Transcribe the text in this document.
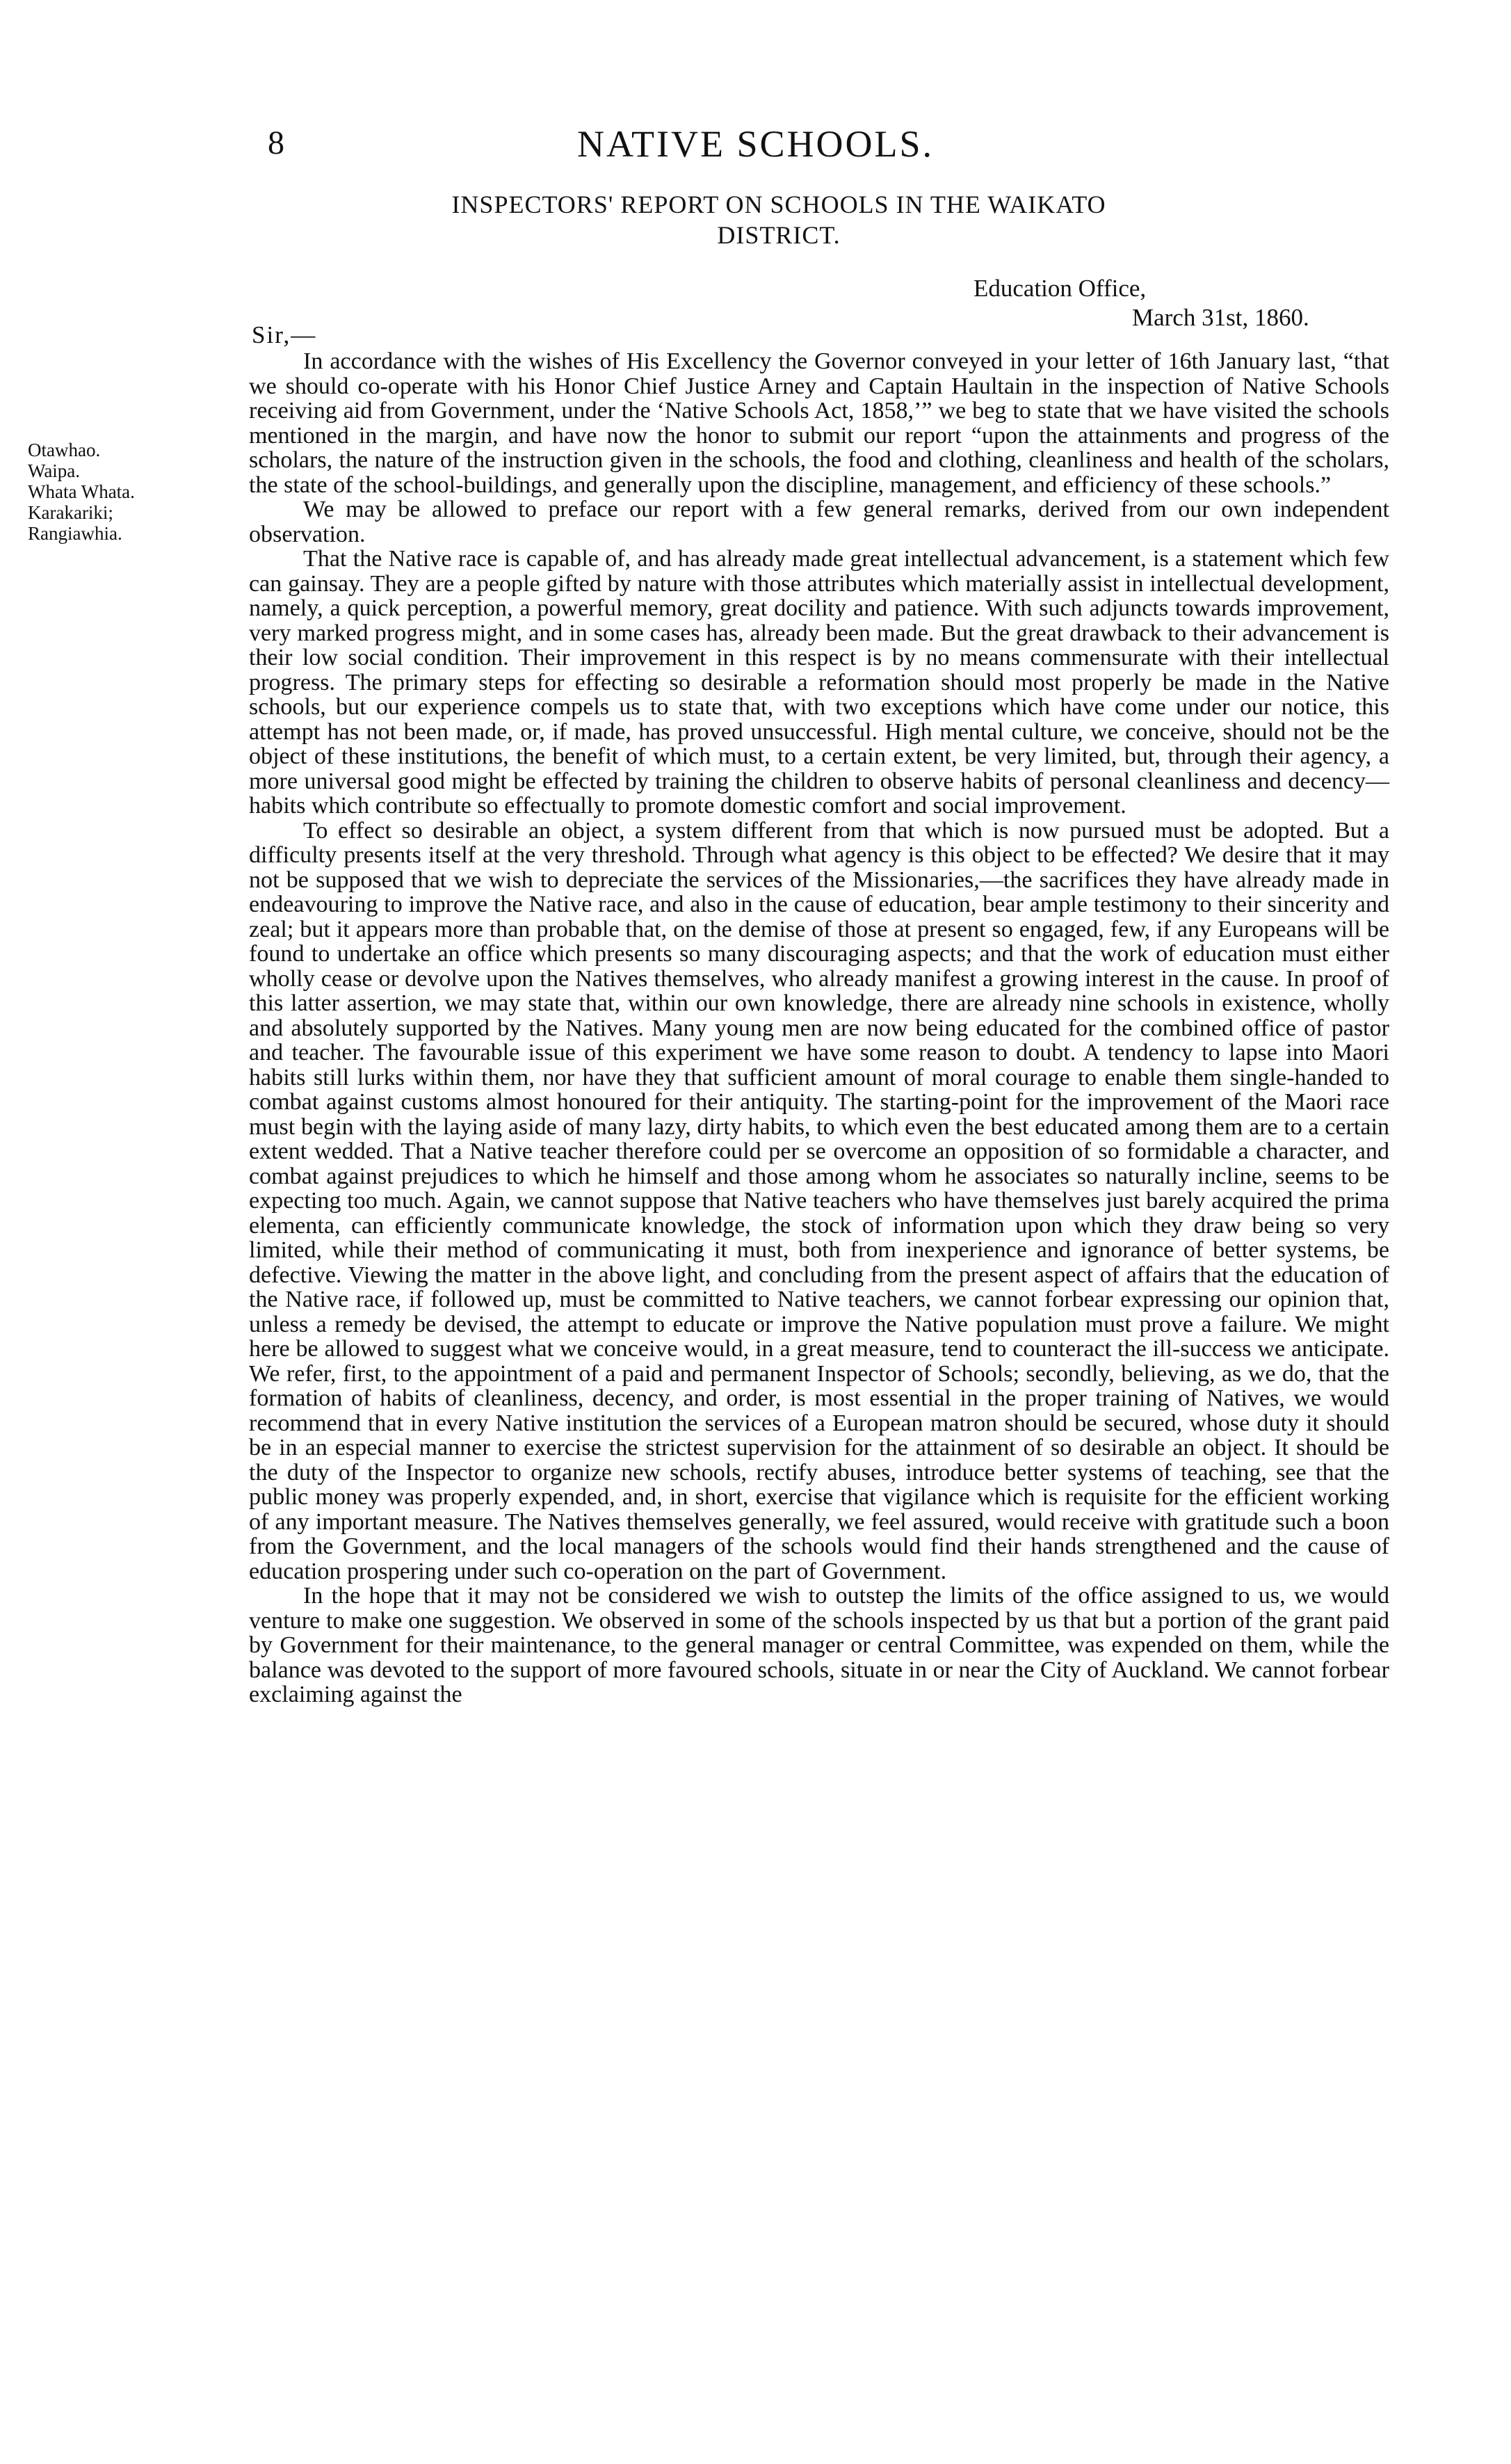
8	NATIVE SCHOOLS.
INSPECTORS' REPORT ON SCHOOLS IN THE WAIKATO
DISTRICT.
Education Office,
March 31st, 1860.
Sir,—
Otawhao.
Waipa.
Whata Whata.
Karakariki;
Rangiawhia.

In accordance with the wishes of His Excellency the Governor conveyed in your letter of 16th January last, “that we should co-operate with his Honor Chief Justice Arney and Captain Haultain in the inspection of Native Schools receiving aid from Government, under the ‘Native Schools Act, 1858,’” we beg to state that we have visited the schools mentioned in the margin, and have now the honor to submit our report “upon the attainments and progress of the scholars, the nature of the instruction given in the schools, the food and clothing, cleanliness and health of the scholars, the state of the school-buildings, and generally upon the discipline, management, and efficiency of these schools.”

We may be allowed to preface our report with a few general remarks, derived from our own independent observation.

That the Native race is capable of, and has already made great intellectual advancement, is a statement which few can gainsay. They are a people gifted by nature with those attributes which materially assist in intellectual development, namely, a quick perception, a powerful memory, great docility and patience. With such adjuncts towards improvement, very marked progress might, and in some cases has, already been made. But the great drawback to their advancement is their low social condition. Their improvement in this respect is by no means commensurate with their intellectual progress. The primary steps for effecting so desirable a reformation should most properly be made in the Native schools, but our experience compels us to state that, with two exceptions which have come under our notice, this attempt has not been made, or, if made, has proved unsuccessful. High mental culture, we conceive, should not be the object of these institutions, the benefit of which must, to a certain extent, be very limited, but, through their agency, a more universal good might be effected by training the children to observe habits of personal cleanliness and decency—habits which contribute so effectually to promote domestic comfort and social improvement.

To effect so desirable an object, a system different from that which is now pursued must be adopted. But a difficulty presents itself at the very threshold. Through what agency is this object to be effected? We desire that it may not be supposed that we wish to depreciate the services of the Missionaries,—the sacrifices they have already made in endeavouring to improve the Native race, and also in the cause of education, bear ample testimony to their sincerity and zeal; but it appears more than probable that, on the demise of those at present so engaged, few, if any Europeans will be found to undertake an office which presents so many discouraging aspects; and that the work of education must either wholly cease or devolve upon the Natives themselves, who already manifest a growing interest in the cause. In proof of this latter assertion, we may state that, within our own knowledge, there are already nine schools in existence, wholly and absolutely supported by the Natives. Many young men are now being educated for the combined office of pastor and teacher. The favourable issue of this experiment we have some reason to doubt. A tendency to lapse into Maori habits still lurks within them, nor have they that sufficient amount of moral courage to enable them single-handed to combat against customs almost honoured for their antiquity. The starting-point for the improvement of the Maori race must begin with the laying aside of many lazy, dirty habits, to which even the best educated among them are to a certain extent wedded. That a Native teacher therefore could per se overcome an opposition of so formidable a character, and combat against prejudices to which he himself and those among whom he associates so naturally incline, seems to be expecting too much. Again, we cannot suppose that Native teachers who have themselves just barely acquired the prima elementa, can efficiently communicate knowledge, the stock of information upon which they draw being so very limited, while their method of communicating it must, both from inexperience and ignorance of better systems, be defective. Viewing the matter in the above light, and concluding from the present aspect of affairs that the education of the Native race, if followed up, must be committed to Native teachers, we cannot forbear expressing our opinion that, unless a remedy be devised, the attempt to educate or improve the Native population must prove a failure. We might here be allowed to suggest what we conceive would, in a great measure, tend to counteract the ill-success we anticipate. We refer, first, to the appointment of a paid and permanent Inspector of Schools; secondly, believing, as we do, that the formation of habits of cleanliness, decency, and order, is most essential in the proper training of Natives, we would recommend that in every Native institution the services of a European matron should be secured, whose duty it should be in an especial manner to exercise the strictest supervision for the attainment of so desirable an object. It should be the duty of the Inspector to organize new schools, rectify abuses, introduce better systems of teaching, see that the public money was properly expended, and, in short, exercise that vigilance which is requisite for the efficient working of any important measure. The Natives themselves generally, we feel assured, would receive with gratitude such a boon from the Government, and the local managers of the schools would find their hands strengthened and the cause of education prospering under such co-operation on the part of Government.

In the hope that it may not be considered we wish to outstep the limits of the office assigned to us, we would venture to make one suggestion. We observed in some of the schools inspected by us that but a portion of the grant paid by Government for their maintenance, to the general manager or central Committee, was expended on them, while the balance was devoted to the support of more favoured schools, situate in or near the City of Auckland. We cannot forbear exclaiming against the
